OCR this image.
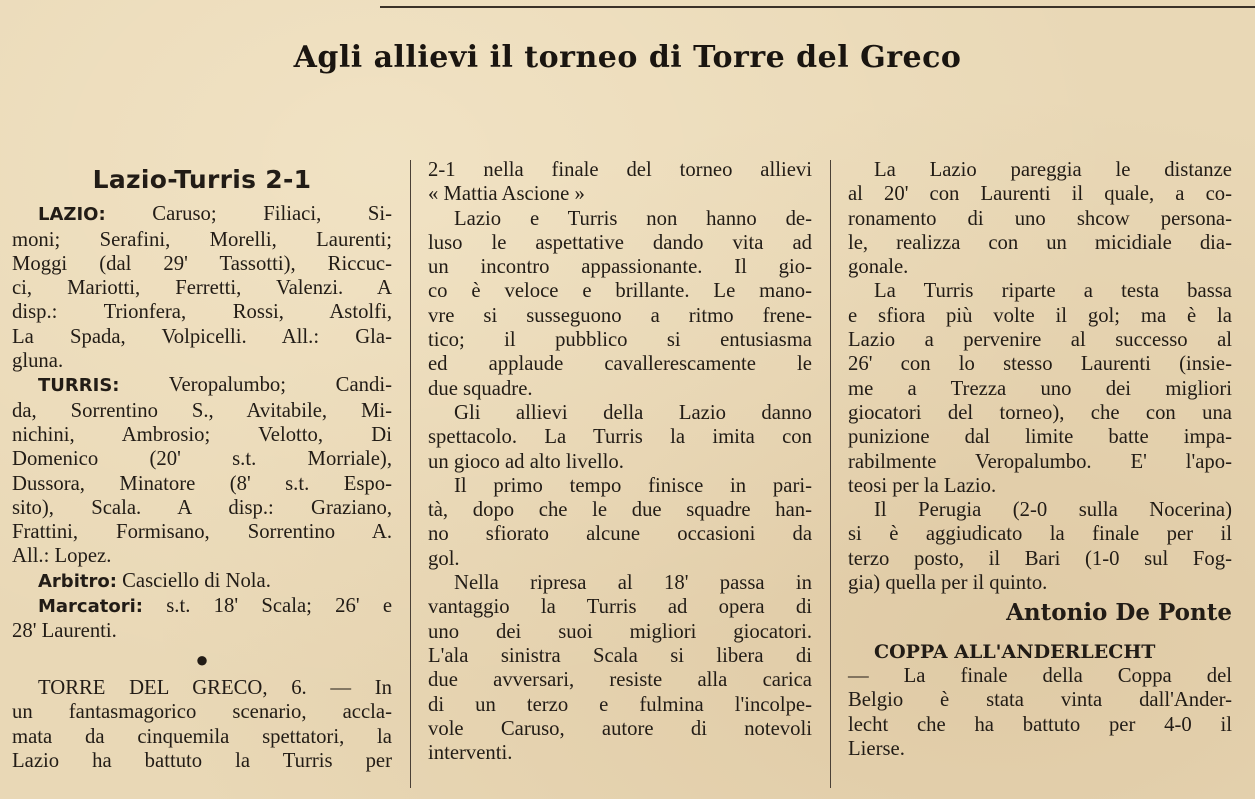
Agli allievi il torneo di Torre del Greco
Lazio-Turris 2-1
LAZIO: Caruso; Filiaci, Si-
moni; Serafini, Morelli, Laurenti;
Moggi (dal 29' Tassotti), Riccuc-
ci, Mariotti, Ferretti, Valenzi. A
disp.: Trionfera, Rossi, Astolfi,
La Spada, Volpicelli. All.: Gla-
gluna.
TURRIS: Veropalumbo; Candi-
da, Sorrentino S., Avitabile, Mi-
nichini, Ambrosio; Velotto, Di
Domenico (20' s.t. Morriale),
Dussora, Minatore (8' s.t. Espo-
sito), Scala. A disp.: Graziano,
Frattini, Formisano, Sorrentino A.
All.: Lopez.
Arbitro: Casciello di Nola.
Marcatori: s.t. 18' Scala; 26' e
28' Laurenti.
●
TORRE DEL GRECO, 6. — In
un fantasmagorico scenario, accla-
mata da cinquemila spettatori, la
Lazio ha battuto la Turris per
2-1 nella finale del torneo allievi
« Mattia Ascione »
Lazio e Turris non hanno de-
luso le aspettative dando vita ad
un incontro appassionante. Il gio-
co è veloce e brillante. Le mano-
vre si susseguono a ritmo frene-
tico; il pubblico si entusiasma
ed applaude cavallerescamente le
due squadre.
Gli allievi della Lazio danno
spettacolo. La Turris la imita con
un gioco ad alto livello.
Il primo tempo finisce in pari-
tà, dopo che le due squadre han-
no sfiorato alcune occasioni da
gol.
Nella ripresa al 18' passa in
vantaggio la Turris ad opera di
uno dei suoi migliori giocatori.
L'ala sinistra Scala si libera di
due avversari, resiste alla carica
di un terzo e fulmina l'incolpe-
vole Caruso, autore di notevoli
interventi.
La Lazio pareggia le distanze
al 20' con Laurenti il quale, a co-
ronamento di uno shcow persona-
le, realizza con un micidiale dia-
gonale.
La Turris riparte a testa bassa
e sfiora più volte il gol; ma è la
Lazio a pervenire al successo al
26' con lo stesso Laurenti (insie-
me a Trezza uno dei migliori
giocatori del torneo), che con una
punizione dal limite batte impa-
rabilmente Veropalumbo. E' l'apo-
teosi per la Lazio.
Il Perugia (2-0 sulla Nocerina)
si è aggiudicato la finale per il
terzo posto, il Bari (1-0 sul Fog-
gia) quella per il quinto.
Antonio De Ponte
COPPA ALL'ANDERLECHT
— La finale della Coppa del
Belgio è stata vinta dall'Ander-
lecht che ha battuto per 4-0 il
Lierse.
